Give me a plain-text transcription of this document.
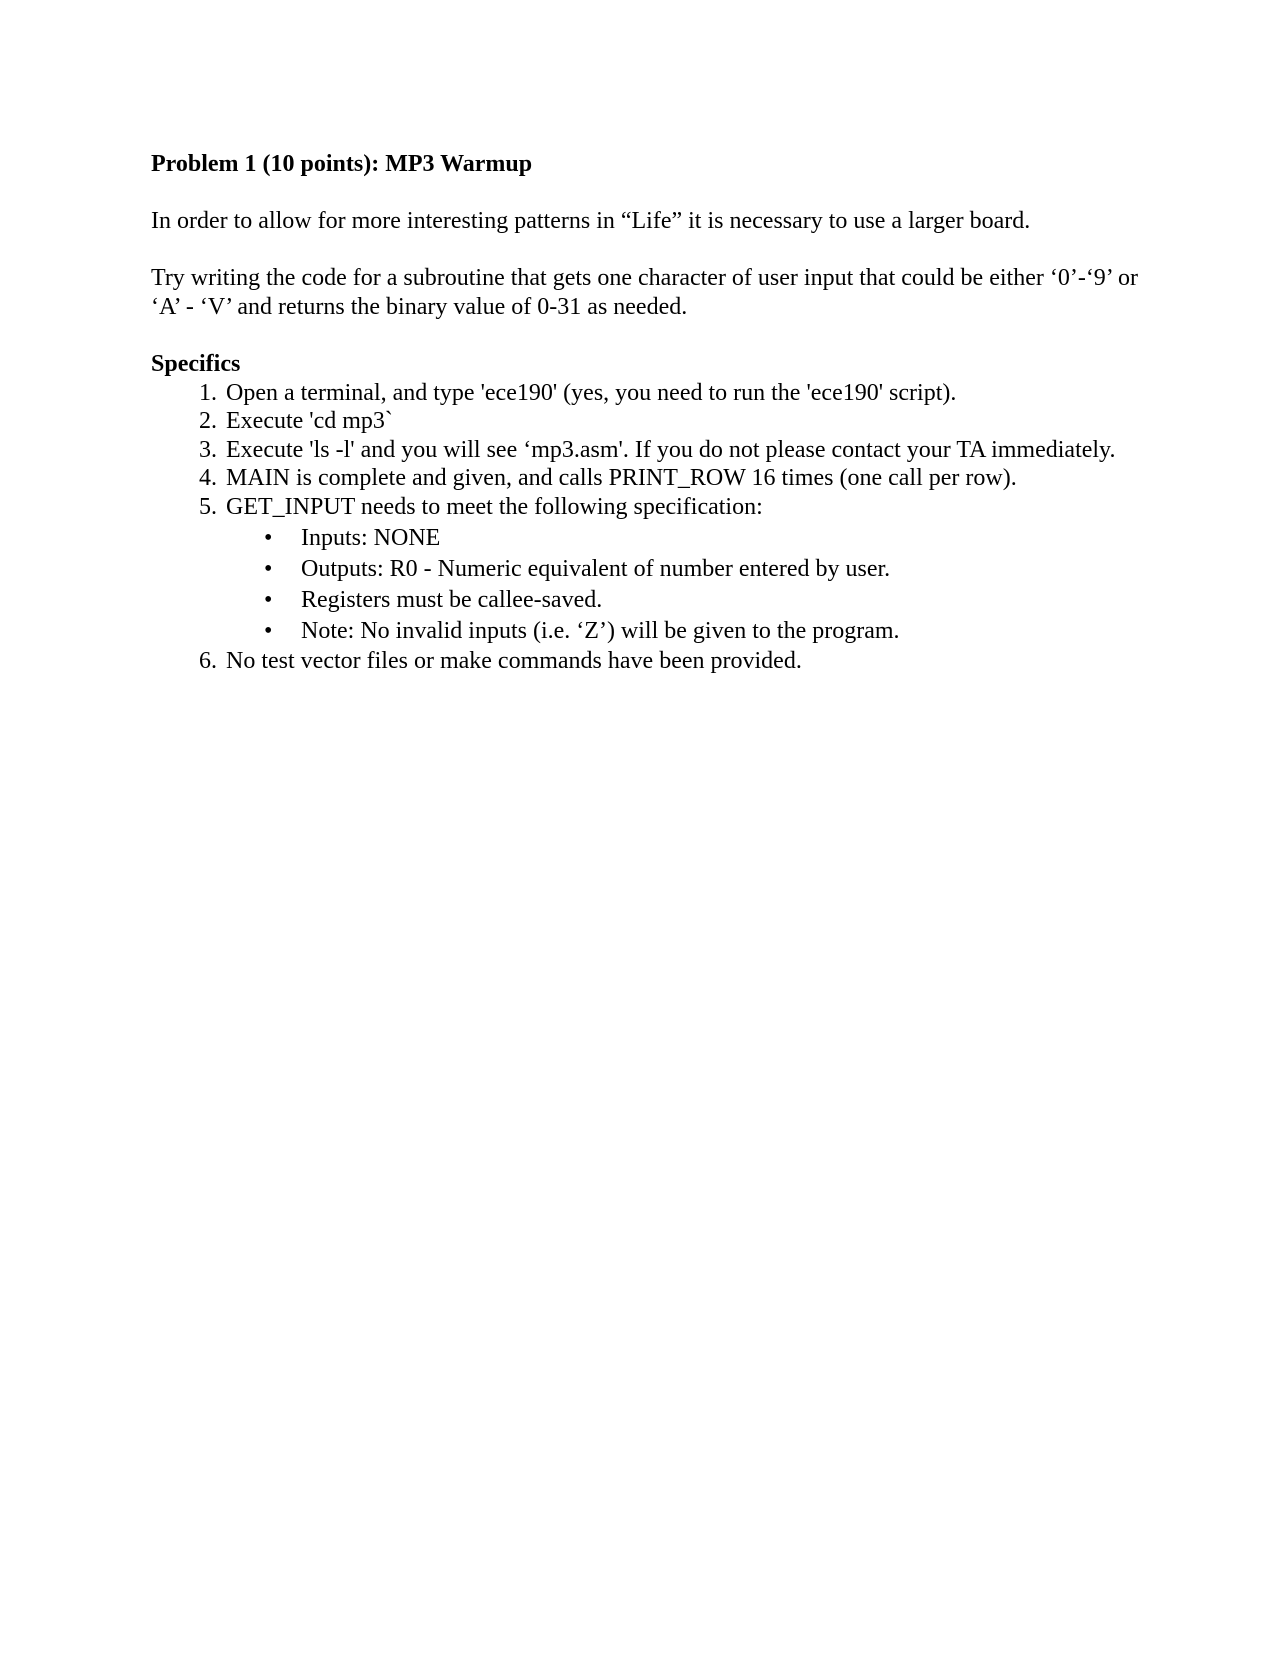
Problem 1 (10 points): MP3 Warmup
In order to allow for more interesting patterns in “Life” it is necessary to use a larger board.
Try writing the code for a subroutine that gets one character of user input that could be either ‘0’-‘9’ or ‘A’ - ‘V’ and returns the binary value of 0-31 as needed.
Specifics
1. Open a terminal, and type 'ece190' (yes, you need to run the 'ece190' script).
2. Execute 'cd mp3`
3. Execute 'ls -l' and you will see ‘mp3.asm'. If you do not please contact your TA immediately.
4. MAIN is complete and given, and calls PRINT_ROW 16 times (one call per row).
5. GET_INPUT needs to meet the following specification:
• Inputs: NONE
• Outputs: R0 - Numeric equivalent of number entered by user.
• Registers must be callee-saved.
• Note: No invalid inputs (i.e. ‘Z’) will be given to the program.
6. No test vector files or make commands have been provided.
